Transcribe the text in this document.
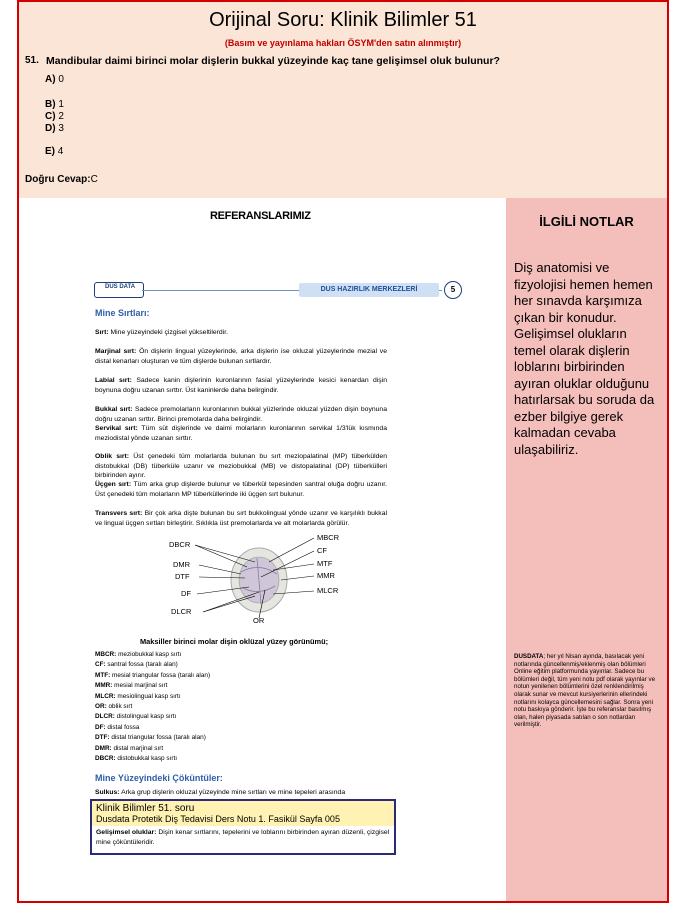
Orijinal Soru: Klinik Bilimler 51
(Basım ve yayınlama hakları ÖSYM'den satın alınmıştır)
51. Mandibular daimi birinci molar dişlerin bukkal yüzeyinde kaç tane gelişimsel oluk bulunur?
A) 0
B) 1
C) 2
D) 3
E) 4
Doğru Cevap:C
REFERANSLARIMIZ
DUS DATA	DUS HAZIRLIK MERKEZLERİ	5
Mine Sırtları:
Sırt: Mine yüzeyindeki çizgisel yükseltilerdir.
Marjinal sırt: Ön dişlerin lingual yüzeylerinde, arka dişlerin ise okluzal yüzeylerinde mezial ve distal kenarları oluşturan ve tüm dişlerde bulunan sırtlardır.
Labial sırt: Sadece kanin dişlerinin kuronlarının fasial yüzeylerinde kesici kenardan dişin boynuna doğru uzanan sırttır. Üst kaninlerde daha belirgindir.
Bukkal sırt: Sadece premolarların kuronlarının bukkal yüzlerinde okluzal yüzden dişin boynuna doğru uzanan sırttır. Birinci premolarda daha belirgindir.
Servikal sırt: Tüm süt dişlerinde ve daimi molarların kuronlarının servikal 1/3'lük kısmında meziodistal yönde uzanan sırttır.
Oblik sırt: Üst çenedeki tüm molarlarda bulunan bu sırt meziopalatinal (MP) tüberkülden distobukkal (DB) tüberküle uzanır ve meziobukkal (MB) ve distopalatinal (DP) tüberkülleri birbirinden ayırır.
Üçgen sırt: Tüm arka grup dişlerde bulunur ve tüberkül tepesinden santral oluğa doğru uzanır. Üst çenedeki tüm molarların MP tüberküllerinde iki üçgen sırt bulunur.
Transvers sırt: Bir çok arka dişte bulunan bu sırt bukkolingual yönde uzanır ve karşılıklı bukkal ve lingual üçgen sırtları birleştirir. Sıklıkla üst premolarlarda ve alt molarlarda görülür.
DBCR
MBCR
CF
DMR	MTF
DTF	MMR
DF	MLCR
DLCR
OR
Maksiller birinci molar dişin oklüzal yüzey görünümü;
MBCR: meziobukkal kasp sırtı
CF: santral fossa (taralı alan)
MTF: mesial triangular fossa (taralı alan)
MMR: mesial marjinal sırt
MLCR: mesiolingual kasp sırtı
OR: oblik sırt
DLCR: distolingual kasp sırtı
DF: distal fossa
DTF: distal triangular fossa (taralı alan)
DMR: distal marjinal sırt
DBCR: distobukkal kasp sırtı
Mine Yüzeyindeki Çöküntüler:
Sulkus: Arka grup dişlerin okluzal yüzeyinde mine sırtları ve mine tepeleri arasında
Klinik Bilimler 51. soru
Dusdata Protetik Diş Tedavisi Ders Notu 1. Fasikül Sayfa 005
Gelişimsel oluklar: Dişin kenar sırtlarını, tepelerini ve loblarını birbirinden ayıran düzenli, çizgisel mine çöküntüleridir.
İLGİLİ NOTLAR
Diş anatomisi ve fizyolojisi hemen hemen her sınavda karşımıza çıkan bir konudur. Gelişimsel olukların temel olarak dişlerin loblarını birbirinden ayıran oluklar olduğunu hatırlarsak bu soruda da ezber bilgiye gerek kalmadan cevaba ulaşabiliriz.
DUSDATA; her yıl Nisan ayında, basılacak yeni notlarında güncellenmiş/eklenmiş olan bölümleri Online eğitim platformunda yayınlar. Sadece bu bölümleri değil, tüm yeni notu pdf olarak yayınlar ve notun yenilenen bölümlerini özel renklendirilmiş olarak sunar ve mevcut kursiyerlerinin ellerindeki notlarını kolayca güncellemesini sağlar. Sonra yeni notu baskıya gönderir. İşte bu referanslar basılmış olan, halen piyasada satılan o son notlardan verilmiştir.
